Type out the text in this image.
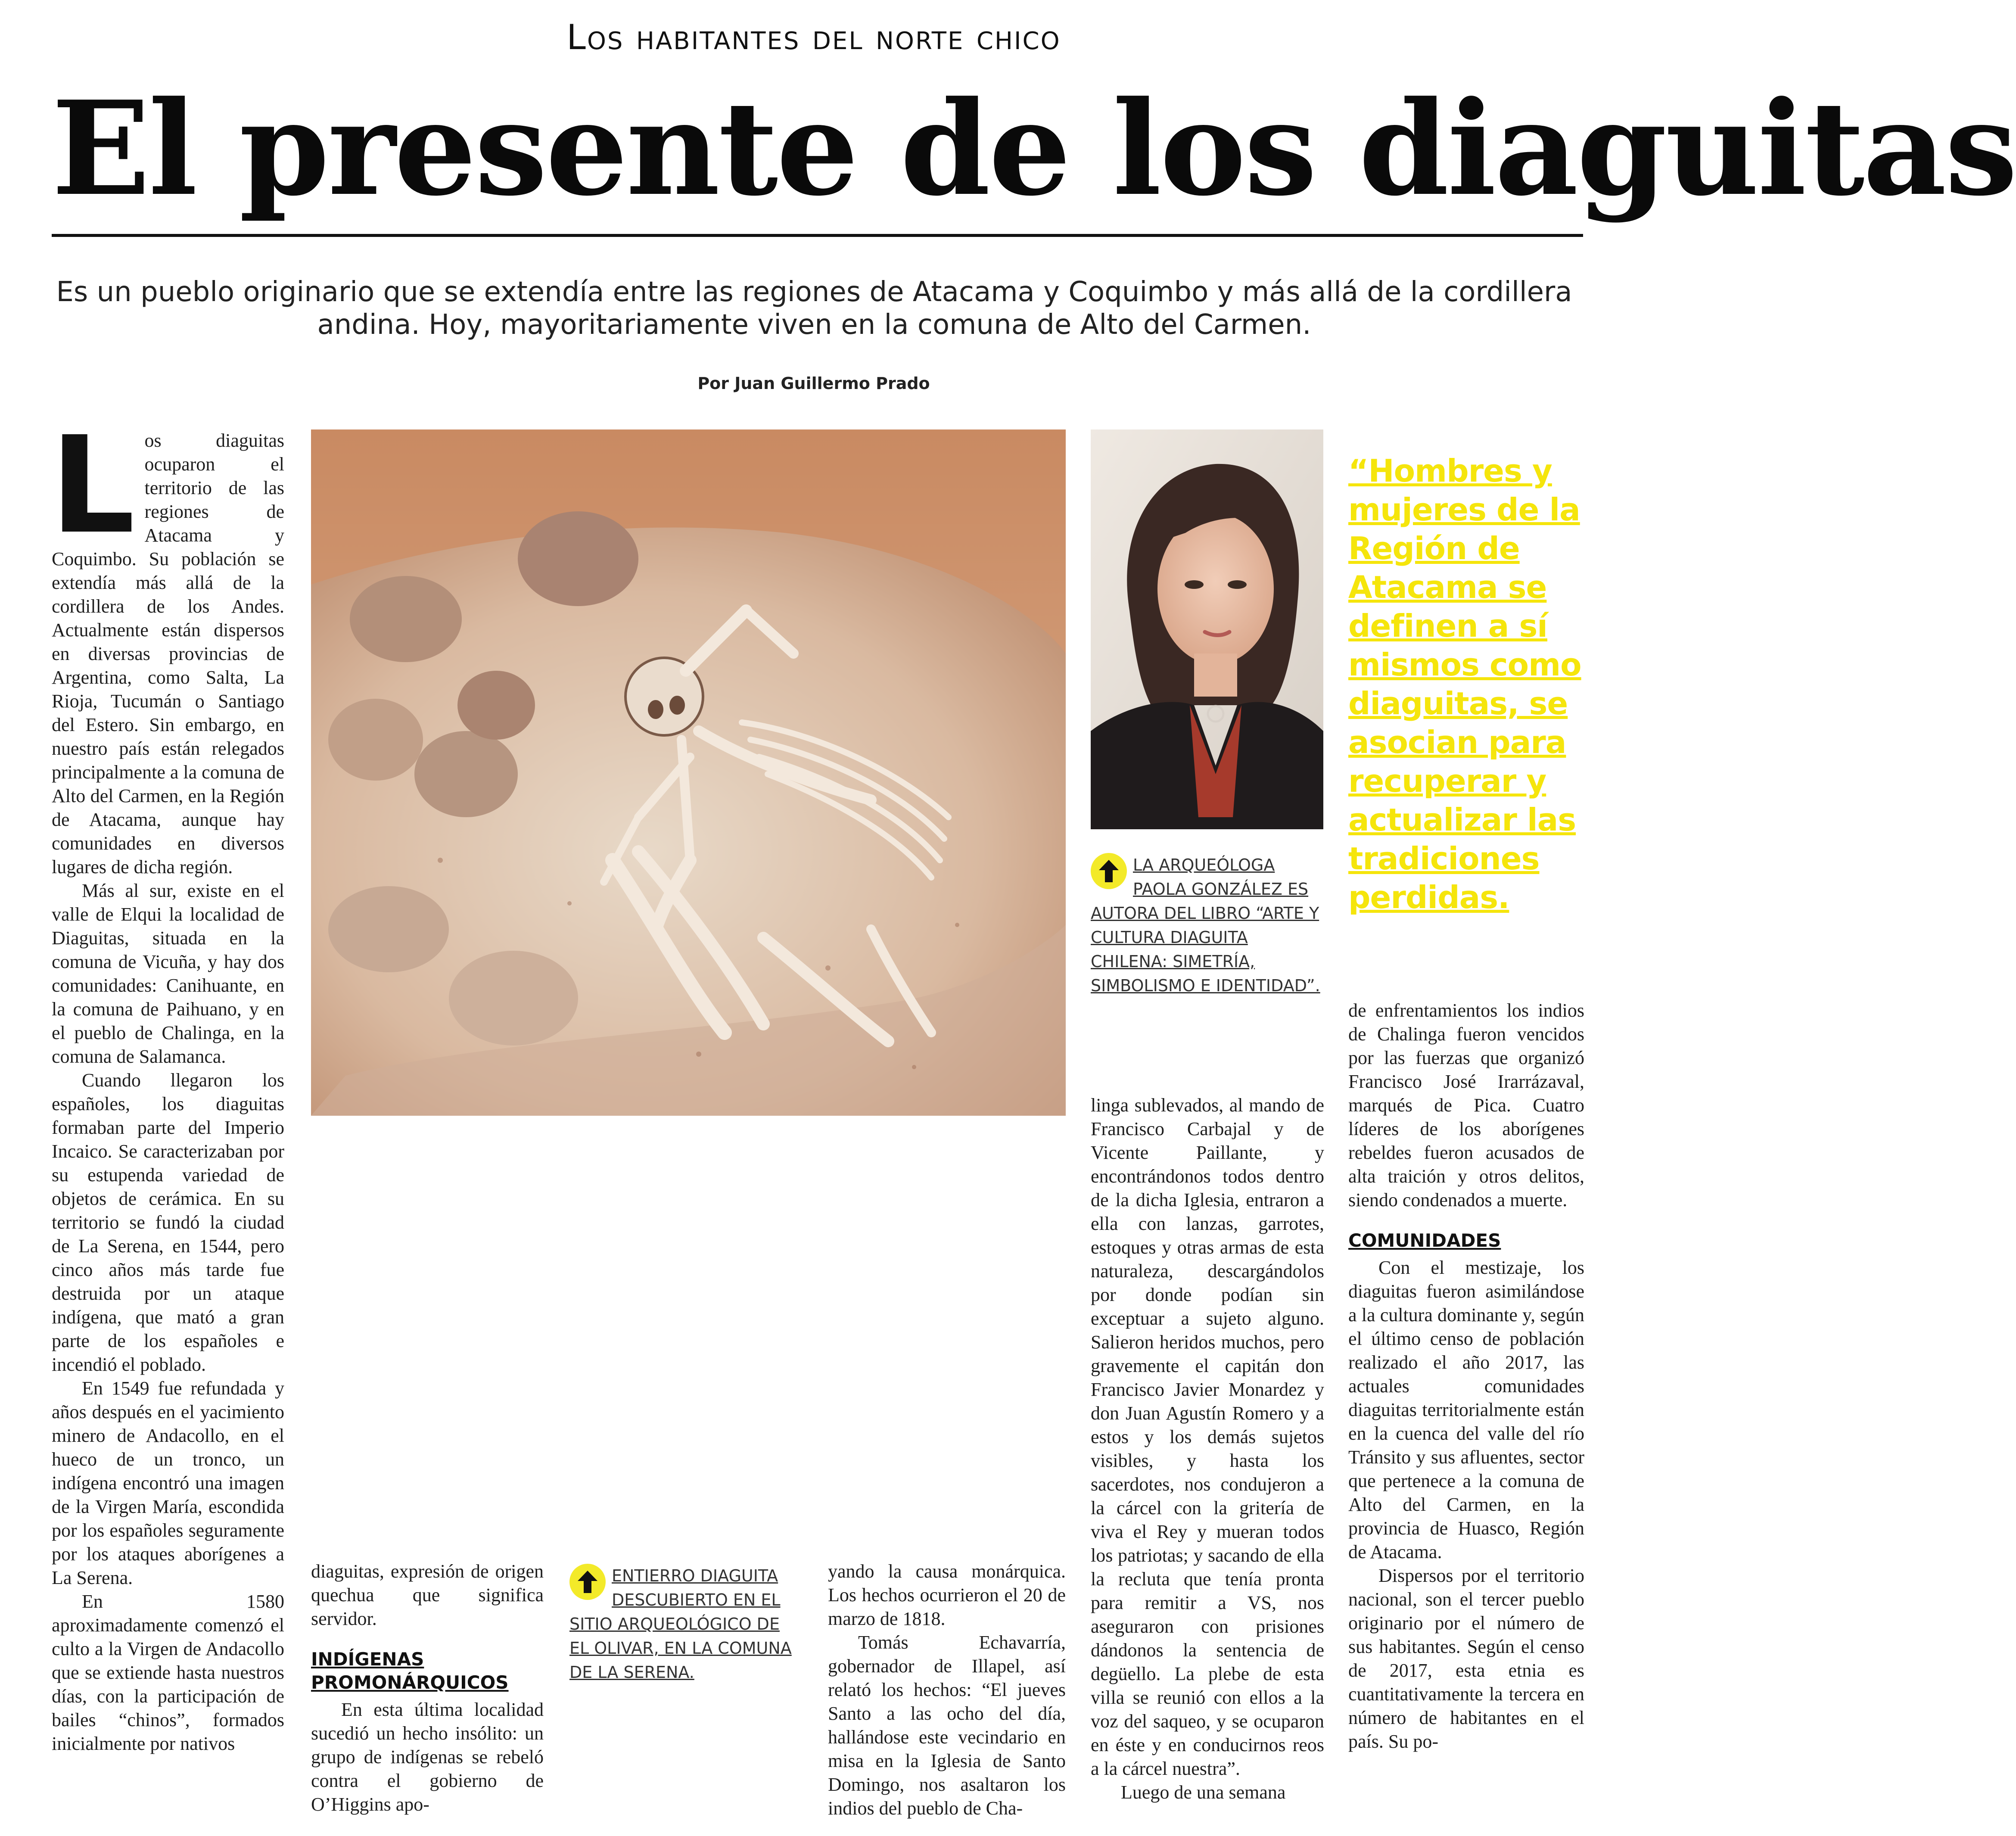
Los habitantes del norte chico
El presente de los diaguitas
Es un pueblo originario que se extendía entre las regiones de Atacama y Coquimbo y más allá de la cordillera andina. Hoy, mayoritariamente viven en la comuna de Alto del Carmen.
Por Juan Guillermo Prado

Los diaguitas ocuparon el territorio de las regiones de Atacama y Coquimbo. Su población se extendía más allá de la cordillera de los Andes. Actualmente están dispersos en diversas provincias de Argentina, como Salta, La Rioja, Tucumán o Santiago del Estero. Sin embargo, en nuestro país están relegados principalmente a la comuna de Alto del Carmen, en la Región de Atacama, aunque hay comunidades en diversos lugares de dicha región.

Más al sur, existe en el valle de Elqui la localidad de Diaguitas, situada en la comuna de Vicuña, y hay dos comunidades: Canihuante, en la comuna de Paihuano, y en el pueblo de Chalinga, en la comuna de Salamanca.

Cuando llegaron los españoles, los diaguitas formaban parte del Imperio Incaico. Se caracterizaban por su estupenda variedad de objetos de cerámica. En su territorio se fundó la ciudad de La Serena, en 1544, pero cinco años más tarde fue destruida por un ataque indígena, que mató a gran parte de los españoles e incendió el poblado.

En 1549 fue refundada y años después en el yacimiento minero de Andacollo, en el hueco de un tronco, un indígena encontró una imagen de la Virgen María, escondida por los españoles seguramente por los ataques aborígenes a La Serena.

En 1580 aproximadamente comenzó el culto a la Virgen de Andacollo que se extiende hasta nuestros días, con la participación de bailes “chinos”, formados inicialmente por nativos

LA ARQUEÓLOGA PAOLA GONZÁLEZ ES AUTORA DEL LIBRO “ARTE Y CULTURA DIAGUITA CHILENA: SIMETRÍA, SIMBOLISMO E IDENTIDAD”.
“Hombres y mujeres de la Región de Atacama se definen a sí mismos como diaguitas, se asocian para recuperar y actualizar las tradiciones perdidas.

diaguitas, expresión de origen quechua que significa servidor.

INDÍGENAS PROMONÁRQUICOS

En esta última localidad sucedió un hecho insólito: un grupo de indígenas se rebeló contra el gobierno de O’Higgins apo-

ENTIERRO DIAGUITA DESCUBIERTO EN EL SITIO ARQUEOLÓGICO DE EL OLIVAR, EN LA COMUNA DE LA SERENA.

yando la causa monárquica. Los hechos ocurrieron el 20 de marzo de 1818.

Tomás Echavarría, gobernador de Illapel, así relató los hechos: “El jueves Santo a las ocho del día, hallándose este vecindario en misa en la Iglesia de Santo Domingo, nos asaltaron los indios del pueblo de Cha-

linga sublevados, al mando de Francisco Carbajal y de Vicente Paillante, y encontrándonos todos dentro de la dicha Iglesia, entraron a ella con lanzas, garrotes, estoques y otras armas de esta naturaleza, descargándolos por donde podían sin exceptuar a sujeto alguno. Salieron heridos muchos, pero gravemente el capitán don Francisco Javier Monardez y don Juan Agustín Romero y a estos y los demás sujetos visibles, y hasta los sacerdotes, nos condujeron a la cárcel con la gritería de viva el Rey y mueran todos los patriotas; y sacando de ella la recluta que tenía pronta para remitir a VS, nos aseguraron con prisiones dándonos la sentencia de degüello. La plebe de esta villa se reunió con ellos a la voz del saqueo, y se ocuparon en éste y en conducirnos reos a la cárcel nuestra”.

Luego de una semana

de enfrentamientos los indios de Chalinga fueron vencidos por las fuerzas que organizó Francisco José Irarrázaval, marqués de Pica. Cuatro líderes de los aborígenes rebeldes fueron acusados de alta traición y otros delitos, siendo condenados a muerte.

COMUNIDADES

Con el mestizaje, los diaguitas fueron asimilándose a la cultura dominante y, según el último censo de población realizado el año 2017, las actuales comunidades diaguitas territorialmente están en la cuenca del valle del río Tránsito y sus afluentes, sector que pertenece a la comuna de Alto del Carmen, en la provincia de Huasco, Región de Atacama.

Dispersos por el territorio nacional, son el tercer pueblo originario por el número de sus habitantes. Según el censo de 2017, esta etnia es cuantitativamente la tercera en número de habitantes en el país. Su po-
